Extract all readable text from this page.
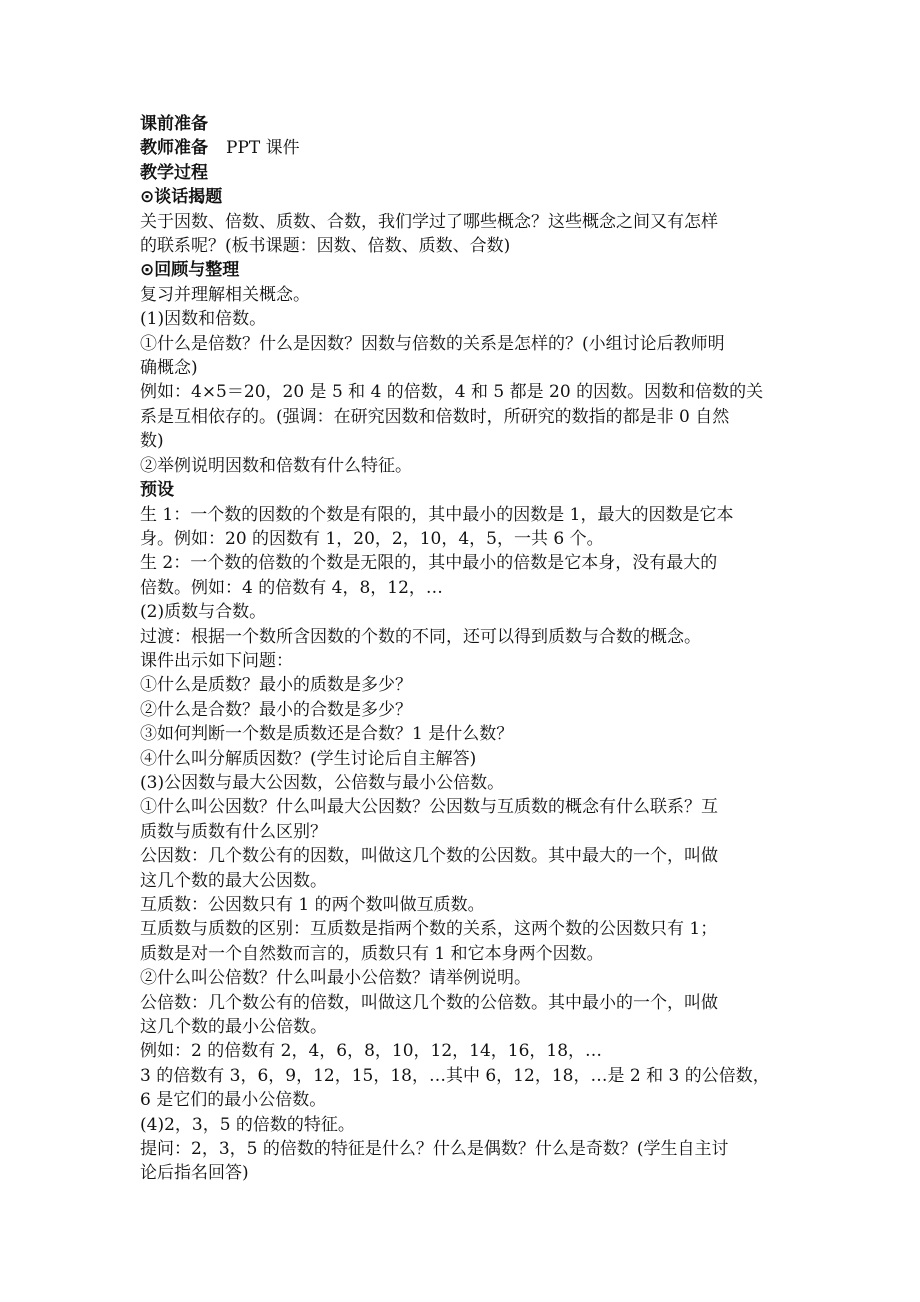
课前准备
教师准备 PPT 课件
教学过程
⊙谈话揭题
关于因数、倍数、质数、合数，我们学过了哪些概念？这些概念之间又有怎样
的联系呢？(板书课题：因数、倍数、质数、合数)
⊙回顾与整理
复习并理解相关概念。
(1)因数和倍数。
①什么是倍数？什么是因数？因数与倍数的关系是怎样的？(小组讨论后教师明
确概念)
例如：4×5＝20，20 是 5 和 4 的倍数，4 和 5 都是 20 的因数。因数和倍数的关
系是互相依存的。(强调：在研究因数和倍数时，所研究的数指的都是非 0 自然
数)
②举例说明因数和倍数有什么特征。
预设
生 1：一个数的因数的个数是有限的，其中最小的因数是 1，最大的因数是它本
身。例如：20 的因数有 1，20，2，10，4，5，一共 6 个。
生 2：一个数的倍数的个数是无限的，其中最小的倍数是它本身，没有最大的
倍数。例如：4 的倍数有 4，8，12，…
(2)质数与合数。
过渡：根据一个数所含因数的个数的不同，还可以得到质数与合数的概念。
课件出示如下问题：
①什么是质数？最小的质数是多少？
②什么是合数？最小的合数是多少？
③如何判断一个数是质数还是合数？1 是什么数？
④什么叫分解质因数？(学生讨论后自主解答)
(3)公因数与最大公因数，公倍数与最小公倍数。
①什么叫公因数？什么叫最大公因数？公因数与互质数的概念有什么联系？互
质数与质数有什么区别？
公因数：几个数公有的因数，叫做这几个数的公因数。其中最大的一个，叫做
这几个数的最大公因数。
互质数：公因数只有 1 的两个数叫做互质数。
互质数与质数的区别：互质数是指两个数的关系，这两个数的公因数只有 1；
质数是对一个自然数而言的，质数只有 1 和它本身两个因数。
②什么叫公倍数？什么叫最小公倍数？请举例说明。
公倍数：几个数公有的倍数，叫做这几个数的公倍数。其中最小的一个，叫做
这几个数的最小公倍数。
例如：2 的倍数有 2，4，6，8，10，12，14，16，18，…
3 的倍数有 3，6，9，12，15，18，…其中 6，12，18，…是 2 和 3 的公倍数，
6 是它们的最小公倍数。
(4)2，3，5 的倍数的特征。
提问：2，3，5 的倍数的特征是什么？什么是偶数？什么是奇数？(学生自主讨
论后指名回答)
